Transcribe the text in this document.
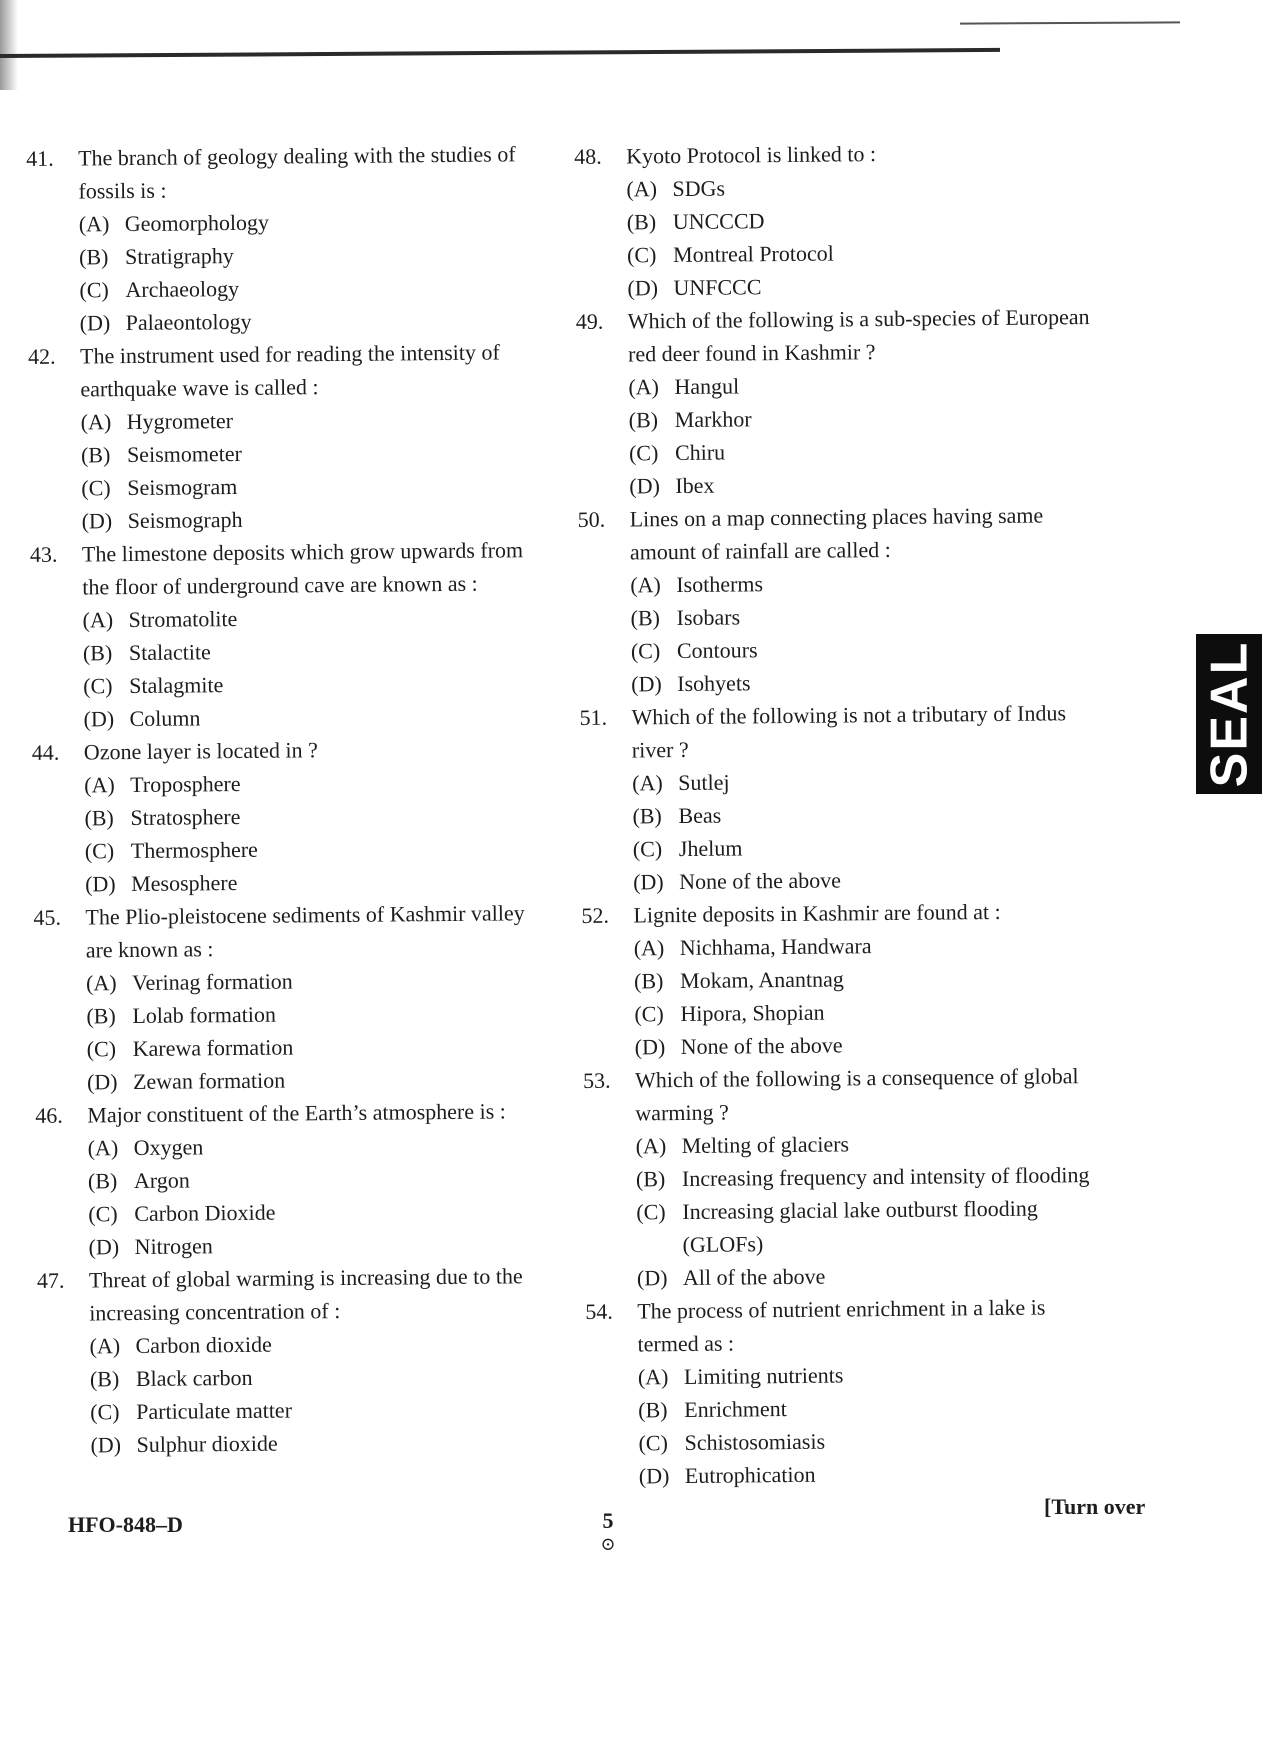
41.	The branch of geology dealing with the studies of fossils is :
(A) Geomorphology
(B) Stratigraphy
(C) Archaeology
(D) Palaeontology
42.	The instrument used for reading the intensity of earthquake wave is called :
(A) Hygrometer
(B) Seismometer
(C) Seismogram
(D) Seismograph
43.	The limestone deposits which grow upwards from the floor of underground cave are known as :
(A) Stromatolite
(B) Stalactite
(C) Stalagmite
(D) Column
44.	Ozone layer is located in ?
(A) Troposphere
(B) Stratosphere
(C) Thermosphere
(D) Mesosphere
45.	The Plio-pleistocene sediments of Kashmir valley are known as :
(A) Verinag formation
(B) Lolab formation
(C) Karewa formation
(D) Zewan formation
46.	Major constituent of the Earth’s atmosphere is :
(A) Oxygen
(B) Argon
(C) Carbon Dioxide
(D) Nitrogen
47.	Threat of global warming is increasing due to the increasing concentration of :
(A) Carbon dioxide
(B) Black carbon
(C) Particulate matter
(D) Sulphur dioxide
48.	Kyoto Protocol is linked to :
(A) SDGs
(B) UNCCCD
(C) Montreal Protocol
(D) UNFCCC
49.	Which of the following is a sub-species of European red deer found in Kashmir ?
(A) Hangul
(B) Markhor
(C) Chiru
(D) Ibex
50.	Lines on a map connecting places having same amount of rainfall are called :
(A) Isotherms
(B) Isobars
(C) Contours
(D) Isohyets
51.	Which of the following is not a tributary of Indus river ?
(A) Sutlej
(B) Beas
(C) Jhelum
(D) None of the above
52.	Lignite deposits in Kashmir are found at :
(A) Nichhama, Handwara
(B) Mokam, Anantnag
(C) Hipora, Shopian
(D) None of the above
53.	Which of the following is a consequence of global warming ?
(A) Melting of glaciers
(B) Increasing frequency and intensity of flooding
(C) Increasing glacial lake outburst flooding (GLOFs)
(D) All of the above
54.	The process of nutrient enrichment in a lake is termed as :
(A) Limiting nutrients
(B) Enrichment
(C) Schistosomiasis
(D) Eutrophication
SEAL
HFO-848–D	5
⊙
[Turn over
